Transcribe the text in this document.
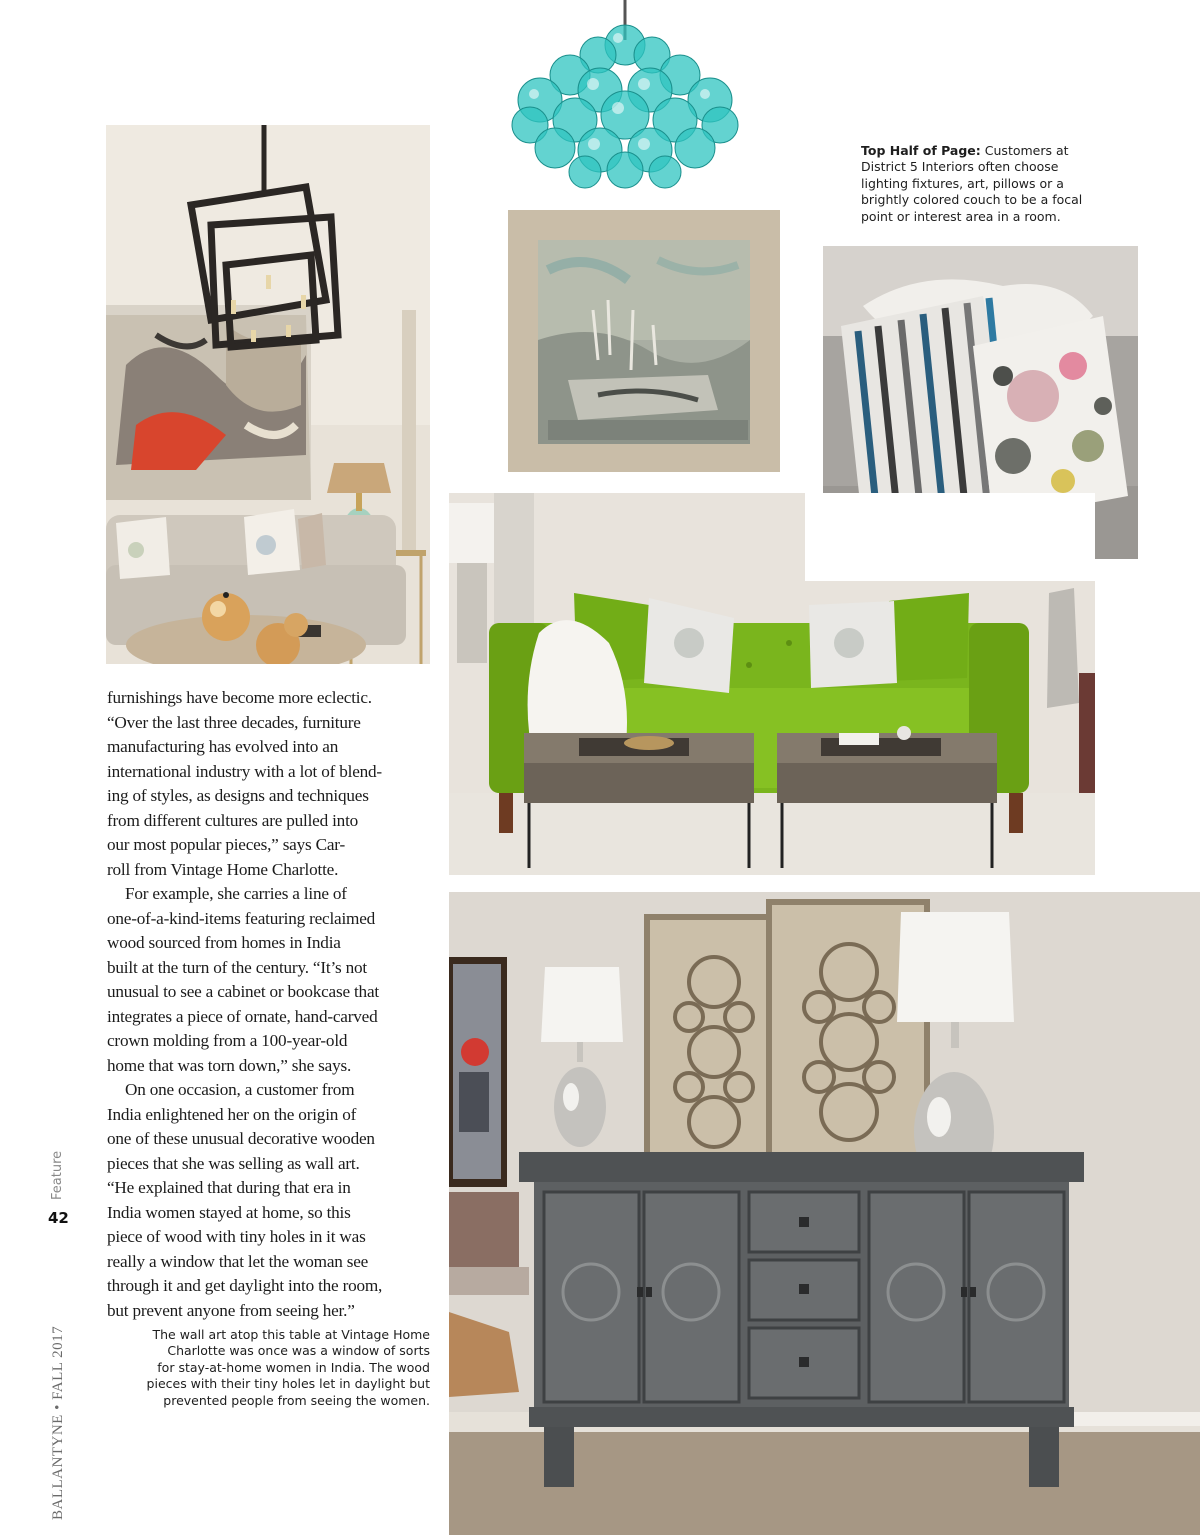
Top Half of Page: Customers at
District 5 Interiors often choose
lighting fixtures, art, pillows or a
brightly colored couch to be a focal
point or interest area in a room.
furnishings have become more eclectic.
“Over the last three decades, furniture
manufacturing has evolved into an
international industry with a lot of blend-
ing of styles, as designs and techniques
from different cultures are pulled into
our most popular pieces,” says Car-
roll from Vintage Home Charlotte.
For example, she carries a line of
one-of-a-kind-items featuring reclaimed
wood sourced from homes in India
built at the turn of the century. “It’s not
unusual to see a cabinet or bookcase that
integrates a piece of ornate, hand-carved
crown molding from a 100-year-old
home that was torn down,” she says.
On one occasion, a customer from
India enlightened her on the origin of
one of these unusual decorative wooden
pieces that she was selling as wall art.
“He explained that during that era in
India women stayed at home, so this
piece of wood with tiny holes in it was
really a window that let the woman see
through it and get daylight into the room,
but prevent anyone from seeing her.”
The wall art atop this table at Vintage Home
Charlotte was once was a window of sorts
for stay-at-home women in India. The wood
pieces with their tiny holes let in daylight but
prevented people from seeing the women.
BALLANTYNE • FALL 2017
Feature
42
